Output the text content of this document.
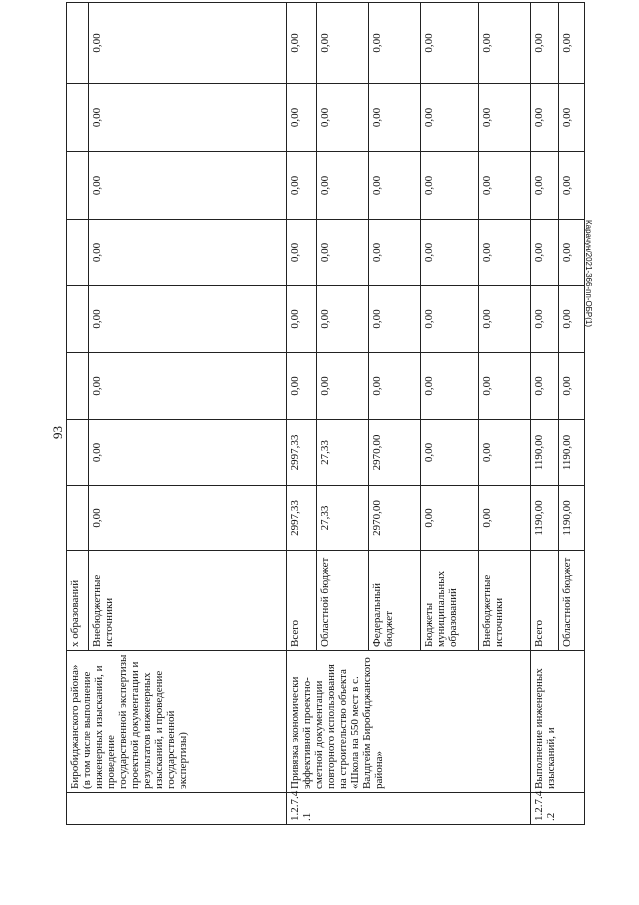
93
Карачун/2021-366-пп-ОБР(1)
	Биробиджанского района» (в том числе выполнение инженерных изысканий, и проведение государственной экспертизы проектной документации и результатов инженерных изысканий, и проведение государственной экспертизы)	х образований								
		Внебюджетные источники	0,00	0,00	0,00	0,00	0,00	0,00	0,00	0,00
1.2.7.4 .1	Привязка экономически эффективной проектно-сметной документации повторного использования на строительство объекта «Школа на 550 мест в с. Валдгейм Биробиджанского района»	Всего	2997,33	2997,33	0,00	0,00	0,00	0,00	0,00	0,00
		Областной бюджет	27,33	27,33	0,00	0,00	0,00	0,00	0,00	0,00
		Федеральный бюджет	2970,00	2970,00	0,00	0,00	0,00	0,00	0,00	0,00
		Бюджеты муниципальных образований	0,00	0,00	0,00	0,00	0,00	0,00	0,00	0,00
		Внебюджетные источники	0,00	0,00	0,00	0,00	0,00	0,00	0,00	0,00
1.2.7.4 .2	Выполнение инженерных изысканий, и	Всего	1190,00	1190,00	0,00	0,00	0,00	0,00	0,00	0,00
		Областной бюджет	1190,00	1190,00	0,00	0,00	0,00	0,00	0,00	0,00
